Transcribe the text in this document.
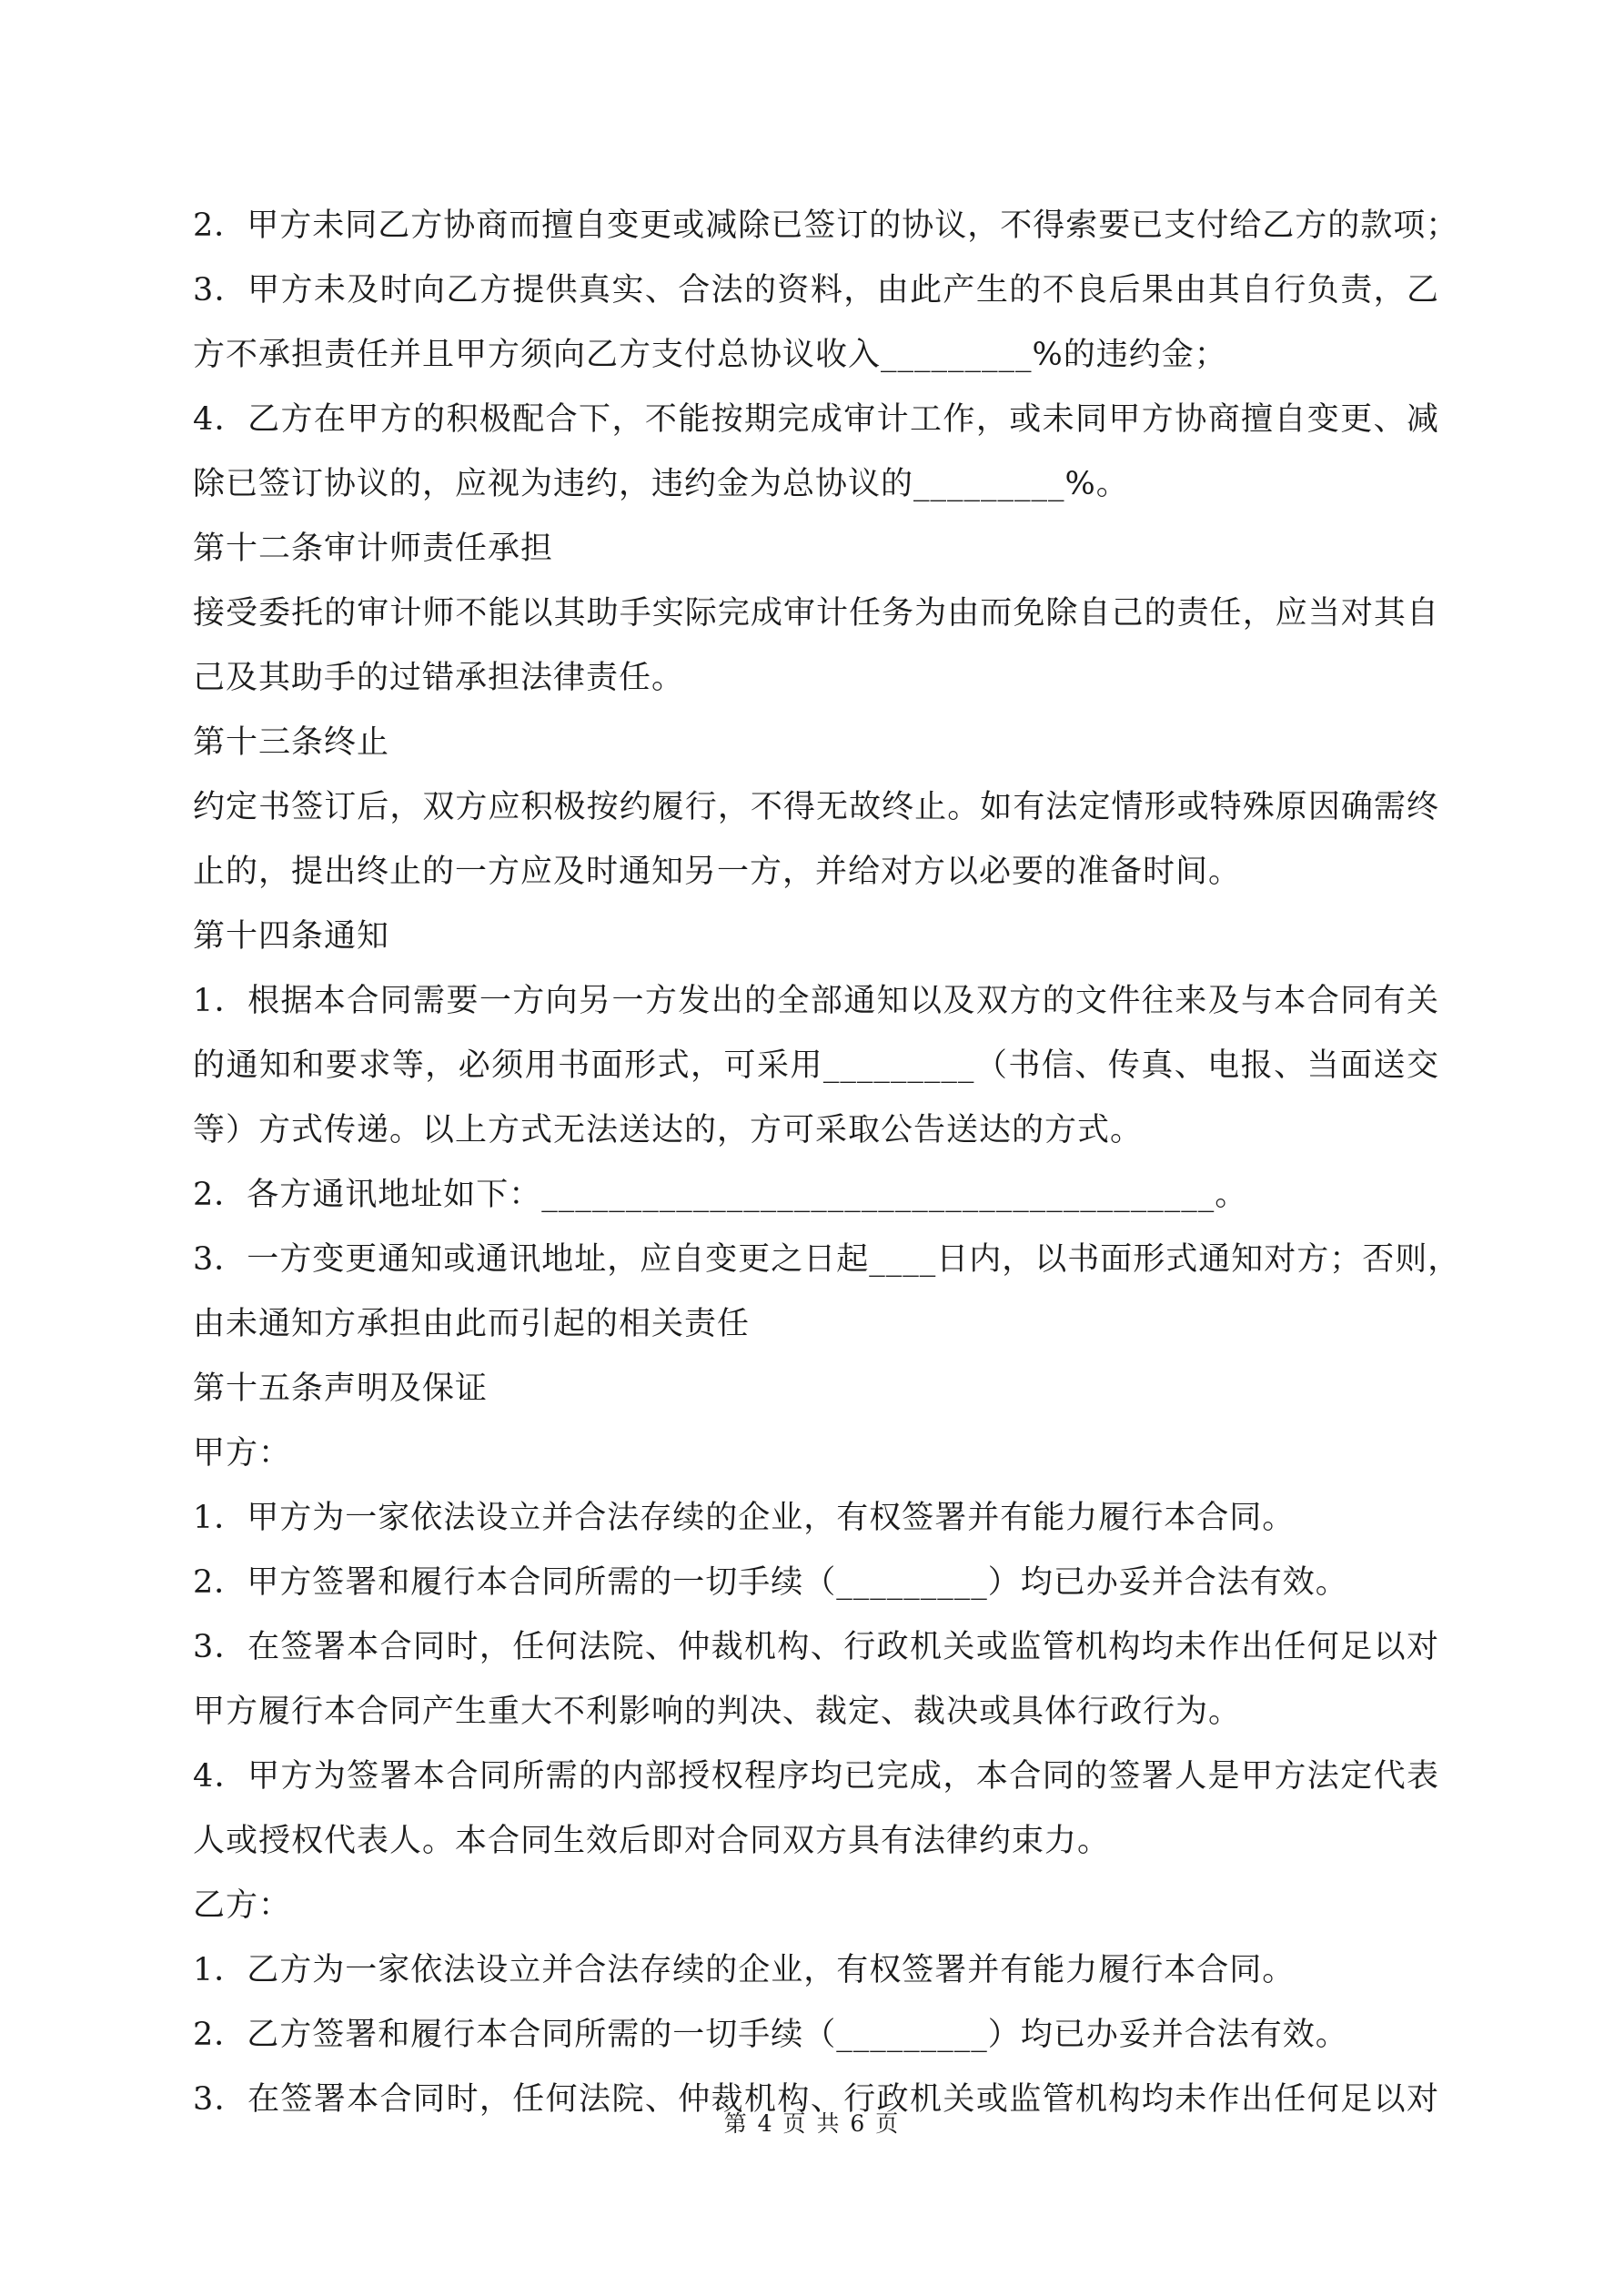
2．甲方未同乙方协商而擅自变更或减除已签订的协议，不得索要已支付给乙方的款项；
3．甲方未及时向乙方提供真实、合法的资料，由此产生的不良后果由其自行负责，乙
方不承担责任并且甲方须向乙方支付总协议收入_________%的违约金；
4．乙方在甲方的积极配合下，不能按期完成审计工作，或未同甲方协商擅自变更、减
除已签订协议的，应视为违约，违约金为总协议的_________%。
第十二条审计师责任承担
接受委托的审计师不能以其助手实际完成审计任务为由而免除自己的责任，应当对其自
己及其助手的过错承担法律责任。
第十三条终止
约定书签订后，双方应积极按约履行，不得无故终止。如有法定情形或特殊原因确需终
止的，提出终止的一方应及时通知另一方，并给对方以必要的准备时间。
第十四条通知
1．根据本合同需要一方向另一方发出的全部通知以及双方的文件往来及与本合同有关
的通知和要求等，必须用书面形式，可采用_________（书信、传真、电报、当面送交
等）方式传递。以上方式无法送达的，方可采取公告送达的方式。
2．各方通讯地址如下：________________________________________。
3．一方变更通知或通讯地址，应自变更之日起____日内，以书面形式通知对方；否则，
由未通知方承担由此而引起的相关责任
第十五条声明及保证
甲方：
1．甲方为一家依法设立并合法存续的企业，有权签署并有能力履行本合同。
2．甲方签署和履行本合同所需的一切手续（_________）均已办妥并合法有效。
3．在签署本合同时，任何法院、仲裁机构、行政机关或监管机构均未作出任何足以对
甲方履行本合同产生重大不利影响的判决、裁定、裁决或具体行政行为。
4．甲方为签署本合同所需的内部授权程序均已完成，本合同的签署人是甲方法定代表
人或授权代表人。本合同生效后即对合同双方具有法律约束力。
乙方：
1．乙方为一家依法设立并合法存续的企业，有权签署并有能力履行本合同。
2．乙方签署和履行本合同所需的一切手续（_________）均已办妥并合法有效。
3．在签署本合同时，任何法院、仲裁机构、行政机关或监管机构均未作出任何足以对
第 4 页 共 6 页
